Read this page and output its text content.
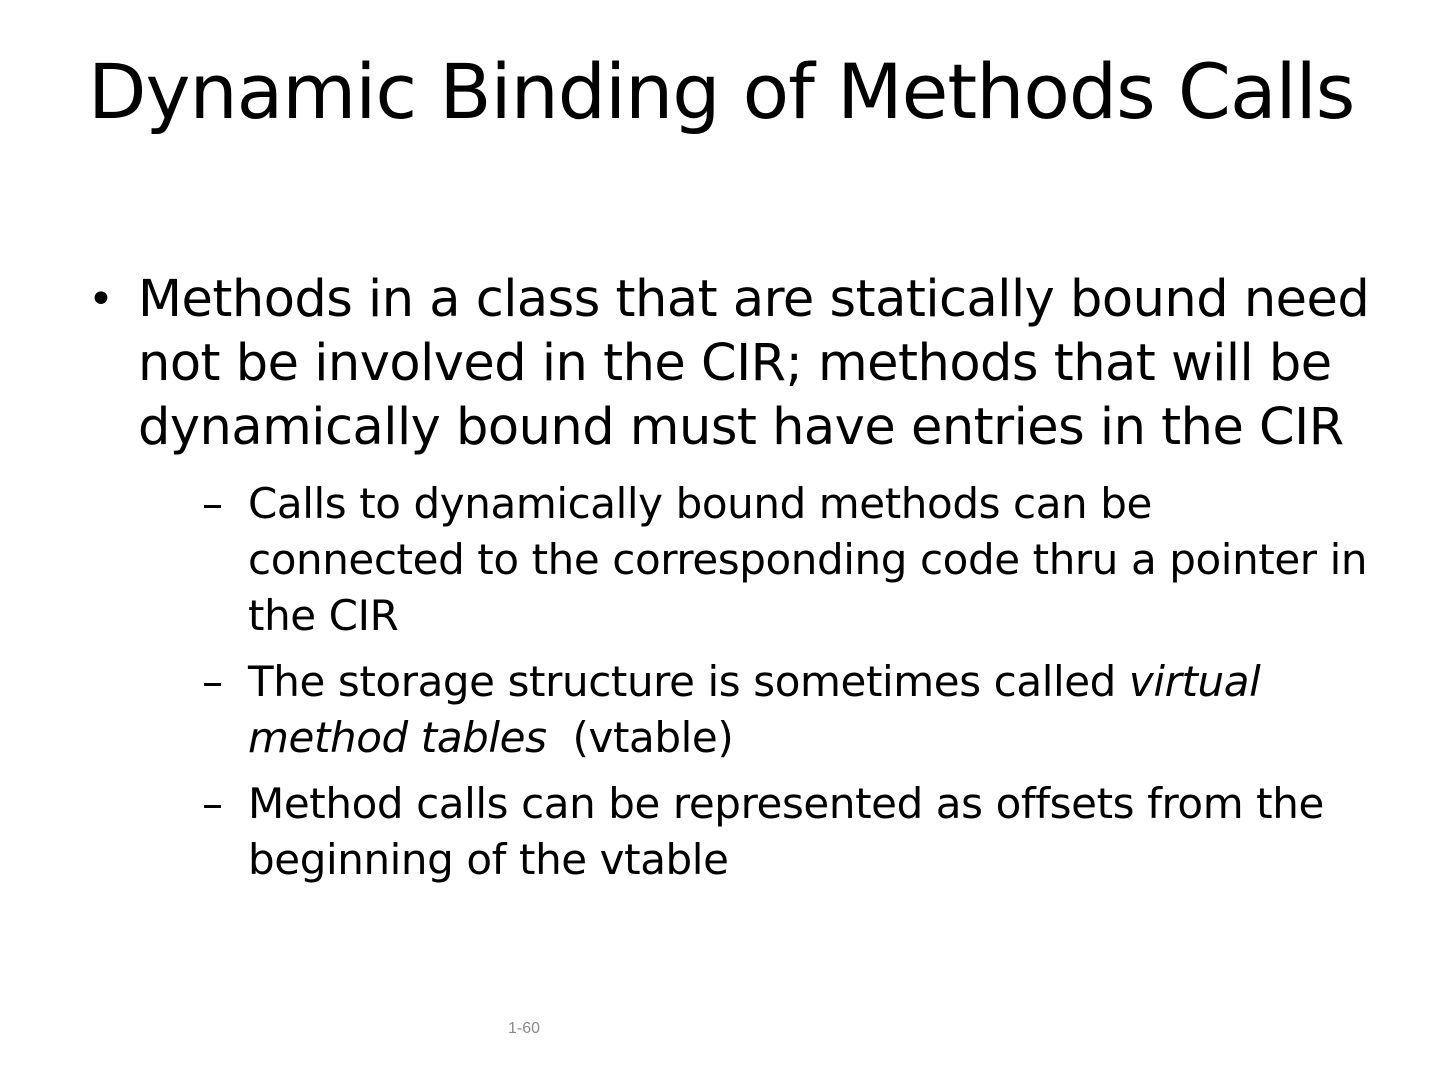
Dynamic Binding of Methods Calls
• Methods in a class that are statically bound need not be involved in the CIR; methods that will be dynamically bound must have entries in the CIR
– Calls to dynamically bound methods can be connected to the corresponding code thru a pointer in the CIR
– The storage structure is sometimes called virtual method tables  (vtable)
– Method calls can be represented as offsets from the beginning of the vtable
1-60
